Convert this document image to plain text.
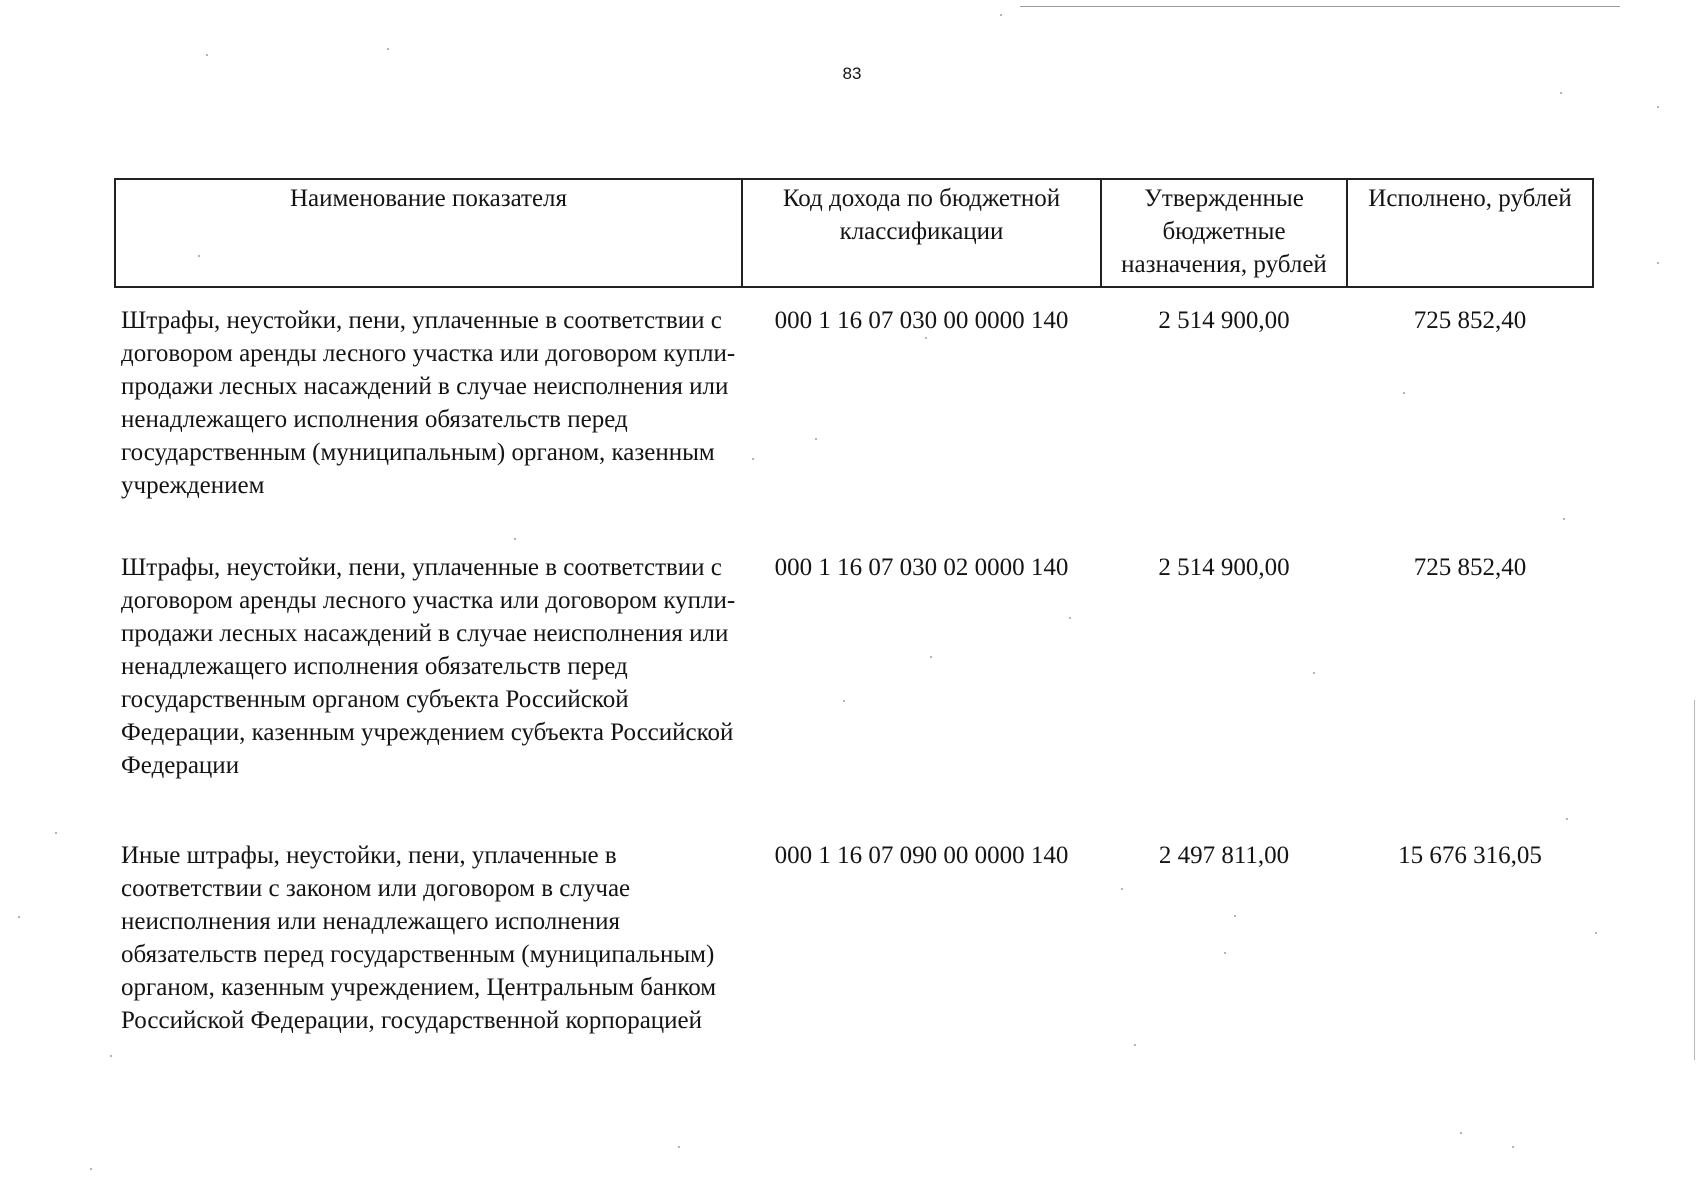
83
Наименование показателя	Код дохода по бюджетной классификации	Утвержденные бюджетные назначения, рублей	Исполнено, рублей
Штрафы, неустойки, пени, уплаченные в соответствии с договором аренды лесного участка или договором купли-продажи лесных насаждений в случае неисполнения или ненадлежащего исполнения обязательств перед государственным (муниципальным) органом, казенным учреждением	000 1 16 07 030 00 0000 140	2 514 900,00	725 852,40
Штрафы, неустойки, пени, уплаченные в соответствии с договором аренды лесного участка или договором купли-продажи лесных насаждений в случае неисполнения или ненадлежащего исполнения обязательств перед государственным органом субъекта Российской Федерации, казенным учреждением субъекта Российской Федерации	000 1 16 07 030 02 0000 140	2 514 900,00	725 852,40
Иные штрафы, неустойки, пени, уплаченные в соответствии с законом или договором в случае неисполнения или ненадлежащего исполнения обязательств перед государственным (муниципальным) органом, казенным учреждением, Центральным банком Российской Федерации, государственной корпорацией	000 1 16 07 090 00 0000 140	2 497 811,00	15 676 316,05
